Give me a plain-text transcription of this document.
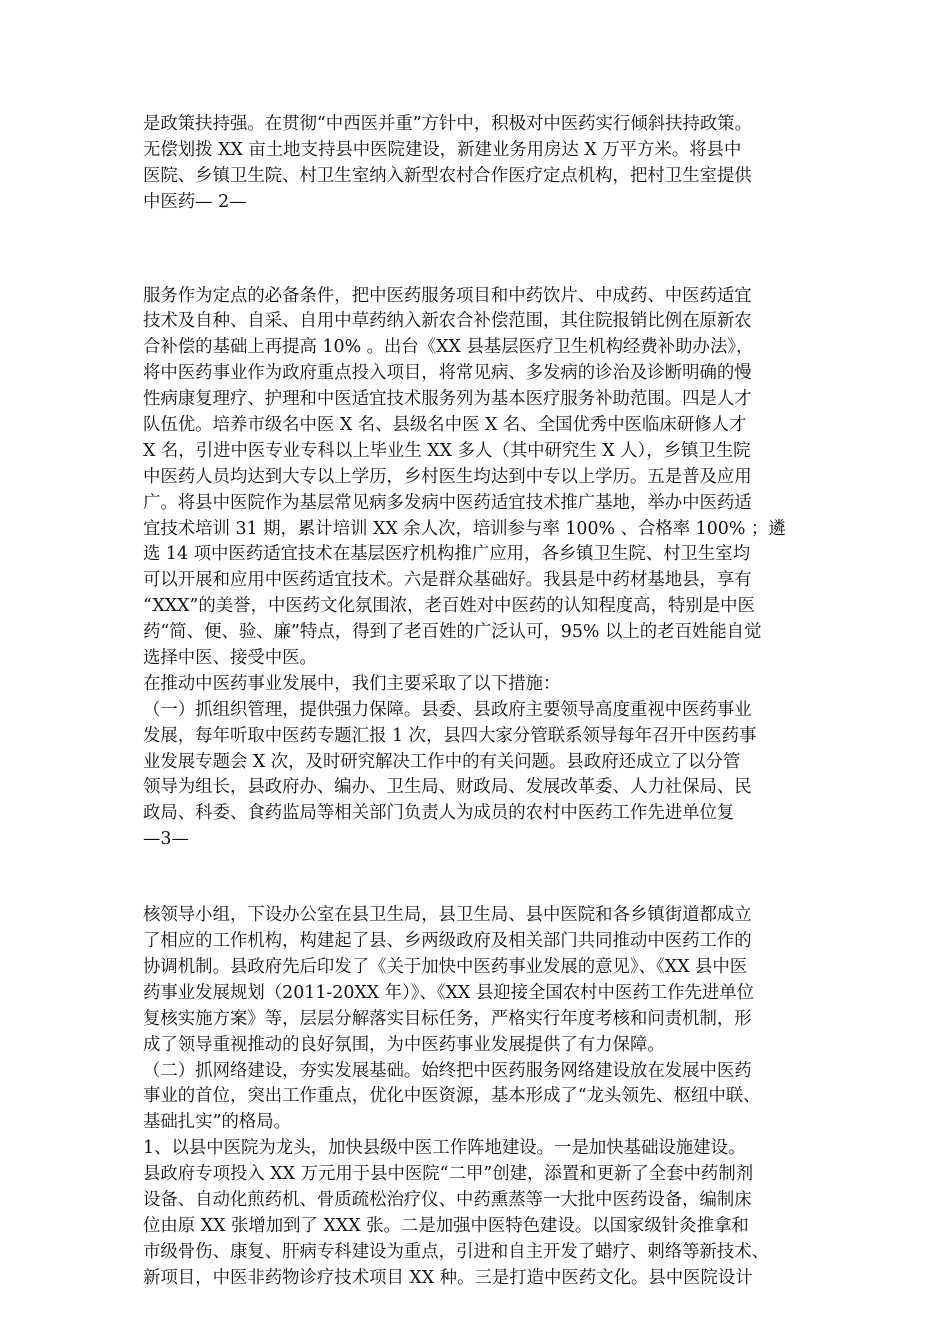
是政策扶持强。在贯彻“中西医并重”方针中，积极对中医药实行倾斜扶持政策。
无偿划拨 XX 亩土地支持县中医院建设，新建业务用房达 X 万平方米。将县中
医院、乡镇卫生院、村卫生室纳入新型农村合作医疗定点机构，把村卫生室提供
中医药— 2—
服务作为定点的必备条件，把中医药服务项目和中药饮片、中成药、中医药适宜
技术及自种、自采、自用中草药纳入新农合补偿范围，其住院报销比例在原新农
合补偿的基础上再提高 10% 。出台《XX 县基层医疗卫生机构经费补助办法》，
将中医药事业作为政府重点投入项目，将常见病、多发病的诊治及诊断明确的慢
性病康复理疗、护理和中医适宜技术服务列为基本医疗服务补助范围。四是人才
队伍优。培养市级名中医 X 名、县级名中医 X 名、全国优秀中医临床研修人才
X 名，引进中医专业专科以上毕业生 XX 多人（其中研究生 X 人），乡镇卫生院
中医药人员均达到大专以上学历，乡村医生均达到中专以上学历。五是普及应用
广。将县中医院作为基层常见病多发病中医药适宜技术推广基地，举办中医药适
宜技术培训 31 期，累计培训 XX 余人次，培训参与率 100% 、合格率 100% ；遴
选 14 项中医药适宜技术在基层医疗机构推广应用，各乡镇卫生院、村卫生室均
可以开展和应用中医药适宜技术。六是群众基础好。我县是中药材基地县，享有
“XXX”的美誉，中医药文化氛围浓，老百姓对中医药的认知程度高，特别是中医
药“简、便、验、廉”特点，得到了老百姓的广泛认可，95% 以上的老百姓能自觉
选择中医、接受中医。
在推动中医药事业发展中，我们主要采取了以下措施：
（一）抓组织管理，提供强力保障。县委、县政府主要领导高度重视中医药事业
发展，每年听取中医药专题汇报 1 次，县四大家分管联系领导每年召开中医药事
业发展专题会 X 次，及时研究解决工作中的有关问题。县政府还成立了以分管
领导为组长，县政府办、编办、卫生局、财政局、发展改革委、人力社保局、民
政局、科委、食药监局等相关部门负责人为成员的农村中医药工作先进单位复
—3—
核领导小组，下设办公室在县卫生局，县卫生局、县中医院和各乡镇街道都成立
了相应的工作机构，构建起了县、乡两级政府及相关部门共同推动中医药工作的
协调机制。县政府先后印发了《关于加快中医药事业发展的意见》、《XX 县中医
药事业发展规划（2011-20XX 年）》、《XX 县迎接全国农村中医药工作先进单位
复核实施方案》等，层层分解落实目标任务，严格实行年度考核和问责机制，形
成了领导重视推动的良好氛围，为中医药事业发展提供了有力保障。
（二）抓网络建设，夯实发展基础。始终把中医药服务网络建设放在发展中医药
事业的首位，突出工作重点，优化中医资源，基本形成了“龙头领先、枢纽中联、
基础扎实”的格局。
1、以县中医院为龙头，加快县级中医工作阵地建设。一是加快基础设施建设。
县政府专项投入 XX 万元用于县中医院“二甲”创建，添置和更新了全套中药制剂
设备、自动化煎药机、骨质疏松治疗仪、中药熏蒸等一大批中医药设备，编制床
位由原 XX 张增加到了 XXX 张。二是加强中医特色建设。以国家级针灸推拿和
市级骨伤、康复、肝病专科建设为重点，引进和自主开发了蜡疗、刺络等新技术、
新项目，中医非药物诊疗技术项目 XX 种。三是打造中医药文化。县中医院设计
